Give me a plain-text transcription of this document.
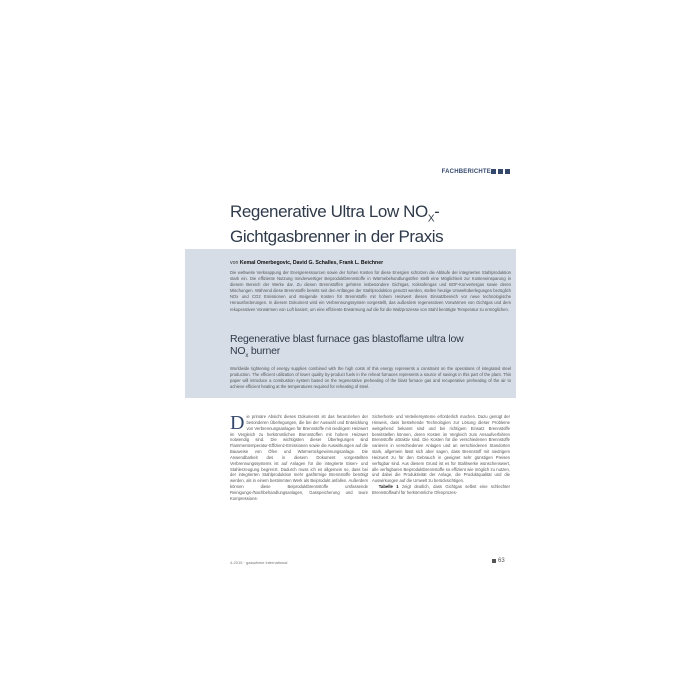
FACHBERICHTE
Regenerative Ultra Low $NO_X-$
Gichtgasbrenner in der Praxis
von Kemal Omerbegovic, David G. Schalles, Frank L. Beichner
Die weltweite Verknappung der Energieressourcen sowie der hohen Kosten für diese Energien schürzen die Abläufe der integrierten Stahlproduktion stark ein. Die effiziente Nutzung minderwertiger Beiproduktbrennstoffe in Wärmebehandlungsöfen stellt eine Möglichkeit zur Kosteneinsparung in diesem Bereich der Werke dar. Zu diesen Brennstoffen gehören insbesondere Gichtgas, Koksofengas und BOF-Konvertergas sowie deren Mischungen. Während diese Brennstoffe bereits seit den Anfängen der Stahlproduktion genutzt werden, stellen heutige Umweltüberlegungen bezüglich NOx und CO2 Emissionen und steigende Kosten für Brennstoffe mit hohem Heizwert diesen Einsatzbereich vor neue technologische Herausforderungen. In diesem Dokument wird ein Verbrennungssystem vorgestellt, das außerdem regenerativen Vorwärmen von Gichtgas und dem rekuperativen Vorwärmen von Luft basiert, um eine effiziente Erwärmung auf die für die Walzprozesse von Stahl benötigte Temperatur zu ermöglichen.
Regenerative blast furnace gas blastoflame ultra low
$NO_x$ burner
Worldwide tightening of energy supplies combined with the high costs of this energy represents a constraint on the operations of integrated steel production. The efficient utilization of lower quality by-product fuels in the reheat furnaces represents a source of savings in this part of the plant. This paper will introduce a combustion system based on the regenerative preheating of the blast furnace gas and recuperative preheating of the air to achieve efficient heating at the temperatures required for reheating of steel.
Die primäre Absicht dieses Dokuments ist das heranziehen der besonderen Überlegungen, die bei der Auswahl und Entwicklung von Verbrennungsanlagen für Brennstoffe mit niedrigem Heizwert im Vergleich zu herkömmlichen Brennstoffen mit hohem Heizwert notwendig sind. Die wichtigsten dieser Überlegungen sind Flammentemperatur-Effizienz-Emissionen sowie die Auswirkungen auf die Bauweise von Öfen und Wärmerückgewinnungsanlage. Die Anwendbarkeit des in diesem Dokument vorgestellten Verbrennungssystems ist auf Anlagen für die integrierte Eisen- und Stahlerzeugung begrenzt. Dadurch muss ich es allgemein so, dass bei der integrierten Stahlproduktion mehr gasförmige Brennstoffe benötigt werden, als in einem bestimmten Werk als Beiprodukt anfallen. Außerdem können diese Beiproduktbrennstoffe umfassende Reinigungs-/Nachbehandlungsanlagen, Gasspeicherung und teure Kompressions-
Sicherheits- und Verteilersysteme erforderlich machen. Dazu genügt der Hinweis, dass bestehende Technologien zur Lösung dieser Probleme weitgehend bekannt sind und bei richtigem Einsatz Brennstoffe bereitstellen können, deren Kosten im Vergleich zum Ansaufverfahren Brennstoffe attraktiv sind. Die Kosten für die verschiedenen Brennstoffe variieren in verschiedenen Anlagen und an verschiedenen Standorten stark, allgemein lässt sich aber sagen, dass Brennstoff mit niedrigem Heizwert zu für den Gebrauch in geeignet sehr günstigen Preisen verfügbar sind. Aus diesem Grund ist es für Stahlwerke wünschenswert, alle verfügbaren Beiproduktbrennstoffe so effizient wie möglich zu nutzen, und dabei die Produktivität der Anlage, die Produktqualität und die Auswirkungen auf die Umwelt zu berücksichtigen.
Tabelle 1 zeigt deutlich, dass Gichtgas selbst eine schlechter Brennstoffwahl für herkömmliche Ofenprozes-
4-2015 · gaswärme international	63
